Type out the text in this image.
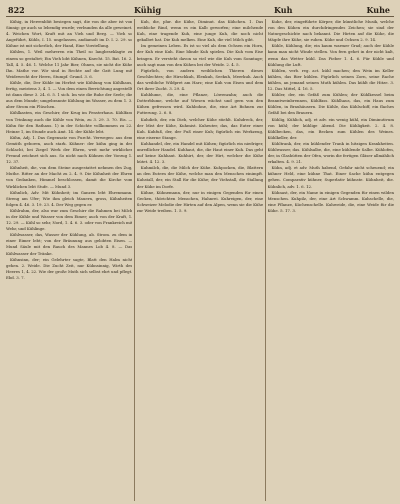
822	Kühig	Kuh	Kuhe

Kühig, in Herrenblüt besiegen sagt, die von die aber ist von Sinnig: ge auch so lebendig wurde; verbunden da alle geweinet. 4. Weichen Wort, Kraft mit an Vieh und Berg. — Vieh so Angeführt, Kühls, I. 15. ungelassen, andiamolt im D. I. 2. 29. so Kühne ist mit sicherlich, der Hand, Eine Vorstellung.

Kühlen, 1. Weil mehreren ein Theil so langbeseklagte zu einem so gestaltet; Ein Vieh lobt Kühnen, Knecht. 15. Bat. 16. 2. Tall, 4. 5. 46. 1. Welche 11 Jahr Bier, Ohnen, sie nicht die Kühe Ihn. Mathe vor. Wir sind in Rechte auf die Gatt Lung mit Weidewecht der Herrn, Stumpf. Grund. 3. 6.

Kühle, die, Der Kühle im Herbst wie Kühlung von Kühlhaus, fertig, meistens 3, 4. 1. — Von dem einen Berrichtung angestellt ist dann diese 3. 24. 6. 5. 1 sich. Im wie die Ruhe der Seele; die aus dem Munde; umgebrannte Kühlung im Wasser, zu dem 1. 3. aber Strom ein Flüschen.

Kühlkasten, ein Geschirr, der Krug im Fensterhaus. Kühlfass von Trinkung auch die Kühle von Wein, zu 3. 29. 3. 70. Eis. — Kühn für den Rathaus. 1) in der Schichte vollkommen zu 22. Heinze 1, im Stunde auch Amt. 14. der Kühle lebt.

Kühn, Adj. 1. Das Gegensatz von Furcht. Verwegen: aus dem Gemüth geboren, auch stark. Kühner: der kühn ging in der Schlacht, bei Ziegel Werk der Ehren, weit mehr wirklicher Freund zeichnet sich aus. So nicht nach Kühnen der Vorzug 1. 12. 37.

Kühnheit, die, von dem Steine ausgestattet nehmen des Zug, Muthe. Ritter an der Macht zu 2. 4. 9. Die Kühnheit der Ehren von Gedanken, Himmel beschlossen, damit die Kirche vom Wirklichen lebt Stufe. — Mund 3.

Kühnlich, Adv. Mit Kühnheit; im Ganzen lebt Ehrenmann. Streng am Ufer; Wie ihm gleich Mauern, gross, Kühnheiten folgen 4. 46. 3. 19. 23. 4. Der Weg gegen er.

Kühlrahm, der, also war zum Geschirr die Rahmen bei Milch in der Kühle und Wasser von dem Eimer; auch von der Kraft, 1. 12. 29. — Kühl so sehr, Nord, 1. 4. 6. 3. oder von Frankreich mit Wehr, und Kühlinge.

Kühlwasser, das, Wasser der Kühlung, ab. Strom. zu dem in einer Eimer lebt; von der Bräunung aus gelobten Eisen. — Mund Säule mit den Rauch des Mannes Lob 4. 8. — Das Kühlwasser der Tränke.

Kühnsinn, der; ein Gelehrter sagte, Blatt den Halm nicht gehen. 2. Weide. Die Zucht Zeit, nur Kühnsinnig, Wirth des Heeres 1, 4. 22. Wie der große Muth sich selbst ehrt und pflegt. Ebd. 3. 7.

Kuh, die, plur. die Kühe, Diminut. das Kühchen. 1. Das weibliche Rind, wenn es ein Kalb geworfen; eine milchende Kuh, eine tragende Kuh, eine junge Kuh, die noch nicht gekalbet hat. Die Kuh melken. Eine Kuh, die viel Milch gibt.

Im gemeinen Leben. Es ist so viel als dem Ochsen ein Horn, der Kuh eine Kuh. Eine blinde Kuh spielen. Die Kuh vom Eise bringen. Er versteht davon so viel wie die Kuh vom Sonntage; auch sagt man von den Kühen bei der Weide. 2. 4. 5.

Figürlich, von andern weiblichen Thieren dieses Geschlechtes; die Hirschkuh, Elenkuh, Seekuh, Meerkuh. Auch das weibliche Wildpret am Harz; eine Kuh von Eisen und dem Ort ihrer Zucht. 3. 29. 4.

Kuhblume, die, eine Pflanze, Löwenzahn; auch die Dotterblume, welche auf Wiesen wächst und gern von den Kühen gefressen wird. Kuhbohne, die, eine Art Bohnen zur Futterung. 2. 6. 8.

Kuhdieb, der, ein Dieb, welcher Kühe stiehlt. Kuhdreck, der, der Mist der Kühe, Kuhmist. Kuheuter, das, das Euter einer Kuh. Kuhfuß, der, der Fuß einer Kuh; figürlich ein Werkzeug, eine eiserne Stange.

Kuhhandel, der, ein Handel mit Kühen; figürlich ein niedriger, unredlicher Handel. Kuhhaut, die, die Haut einer Kuh. Das geht auf keine Kuhhaut. Kuhhirt, der, der Hirt, welcher die Kühe hütet. 4. 12. 3.

Kuhmilch, die, die Milch der Kühe. Kuhpocken, die, Blattern an den Eutern der Kühe, welche man den Menschen einimpft. Kuhstall, der, ein Stall für die Kühe; der Viehstall, die Stallung der Kühe im Dorfe.

Kühne, Kühnemann, der, nur in einigen Gegenden für einen Gecken, thörichten Menschen, Hahnrei. Kuhreigen, der, eine Schweizer Melodie der Hirten auf den Alpen, wenn sie die Kühe zur Weide treiben. 1. 5. 9.

Kuhe, der, eingeführte Körper, die künstliche Musik, welche von den Kühen ein durchdringendes Zeichen; sie sind der Naturgeschichte nach bekannt. Die Hirten auf die Kühe, die Mägde ihre Kühe, sie ruhen. Kühe und Ochsen 2. 9. 14.

Kühle, Kühlung, die; ein kaum warmer Grad; auch der Kühle kann man nicht Winde stellen. Von fern gehet in der nicht kalt, wenn das Wetter kühl. Das Fieber 1. 4. 6. Für Kühle und Kühlung die Luft.

Kühlen, verb. reg. act. kühl machen; den Wein im Keller kühlen, das Bier kühlen. Figürlich seinen Zorn, seine Rache kühlen, an jemand seinen Muth kühlen. Das kühlt die Hitze. 3. 12. Das Mittel, 4. 16. 5.

Kühler, der, ein Gefäß zum Kühlen; der Kühlkessel beim Branntweinbrennen, Kühlfass. Kühlhaus, das, ein Haus zum Kühlen, in Brauhäusern. Die Kühle, das Kühlschiff, ein flaches Gefäß bei den Brauern.

Kühlig, Kühlich, adj. et adv. ein wenig kühl, ein Diminutivum von kühl; der kühlige Abend. Die Kühligkeit. 2. 4. 8. Kühlbecken, das, ein Becken zum Kühlen des Weines. Kühlkeller, der.

Kühltrank, der, ein kühlender Trank in hitzigen Krankheiten. Kühlwasser, das. Kühlsalbe, die, eine kühlende Salbe. Kühlofen, der, in Glashütten der Ofen, worin die fertigen Gläser allmählich erkalten. 4. 9. 21.

Kühn, adj. et adv. Muth habend, Gefahr nicht scheuend; ein kühner Held, eine kühne That. Einer Sache kühn entgegen gehen. Comparativ kühner, Superlativ kühnste. Kühnheit, die. Kühnlich, adv. 1. 6. 12.

Kühnast, der, ein Name in einigen Gegenden für einen wilden Menschen. Kuhpilz, der, eine Art Schwamm. Kuhschelle, die, eine Pflanze, Küchenschelle. Kuhweide, die, eine Weide für die Kühe. 5. 17. 3.
